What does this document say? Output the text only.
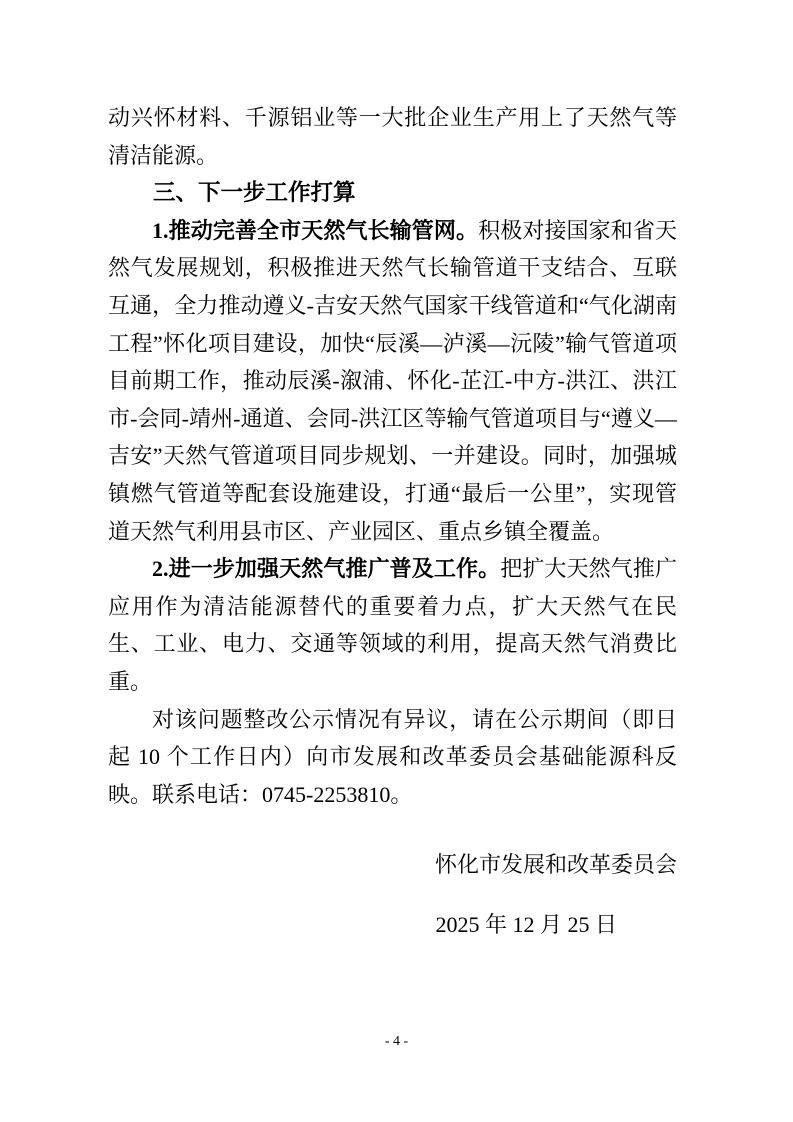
动兴怀材料、千源铝业等一大批企业生产用上了天然气等清洁能源。

三、下一步工作打算

1.推动完善全市天然气长输管网。积极对接国家和省天然气发展规划，积极推进天然气长输管道干支结合、互联互通，全力推动遵义-吉安天然气国家干线管道和“气化湖南工程”怀化项目建设，加快“辰溪—泸溪—沅陵”输气管道项目前期工作，推动辰溪-溆浦、怀化-芷江-中方-洪江、洪江市-会同-靖州-通道、会同-洪江区等输气管道项目与“遵义—吉安”天然气管道项目同步规划、一并建设。同时，加强城镇燃气管道等配套设施建设，打通“最后一公里”，实现管道天然气利用县市区、产业园区、重点乡镇全覆盖。

2.进一步加强天然气推广普及工作。把扩大天然气推广应用作为清洁能源替代的重要着力点，扩大天然气在民生、工业、电力、交通等领域的利用，提高天然气消费比重。

对该问题整改公示情况有异议，请在公示期间（即日起 10 个工作日内）向市发展和改革委员会基础能源科反映。联系电话：0745-2253810。

怀化市发展和改革委员会
2025 年 12 月 25 日
- 4 -
